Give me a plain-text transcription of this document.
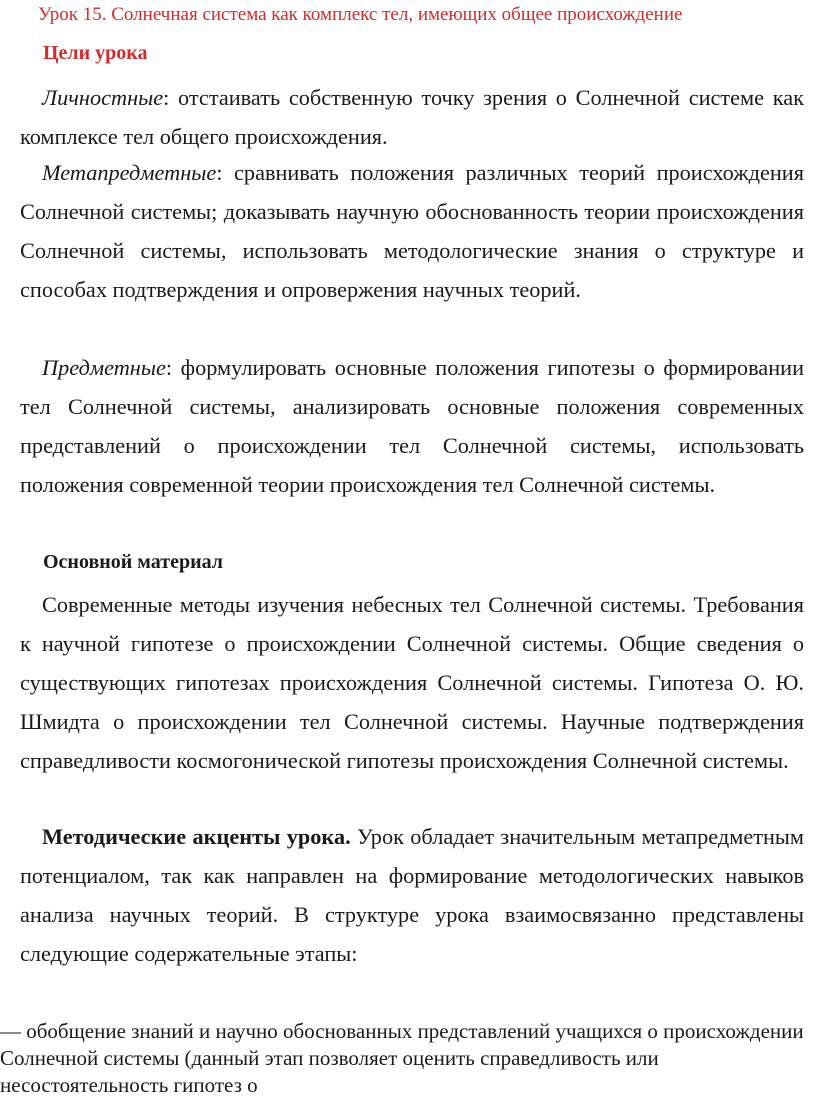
Урок 15. Солнечная система как комплекс тел, имеющих общее происхождение
Цели урока

Личностные: отстаивать собственную точку зрения о Солнечной системе как комплексе тел общего происхождения.

Метапредметные: сравнивать положения различных теорий происхождения Солнечной системы; доказывать научную обоснованность теории происхождения Солнечной системы, использовать методологические знания о структуре и способах подтверждения и опровержения научных теорий.

Предметные: формулировать основные положения гипотезы о формировании тел Солнечной системы, анализировать основные положения современных представлений о происхождении тел Солнечной системы, использовать положения современной теории происхождения тел Солнечной системы.

Основной материал

Современные методы изучения небесных тел Солнечной системы. Требования к научной гипотезе о происхождении Солнечной системы. Общие сведения о существующих гипотезах происхождения Солнечной системы. Гипотеза О. Ю. Шмидта о происхождении тел Солнечной системы. Научные подтверждения справедливости космогонической гипотезы происхождения Солнечной системы.

Методические акценты урока. Урок обладает значительным метапредметным потенциалом, так как направлен на формирование методологических навыков анализа научных теорий. В структуре урока взаимосвязанно представлены следующие содержательные этапы:

— обобщение знаний и научно обоснованных представлений учащихся о происхождении Солнечной системы (данный этап позволяет оценить справедливость или несостоятельность гипотез о
